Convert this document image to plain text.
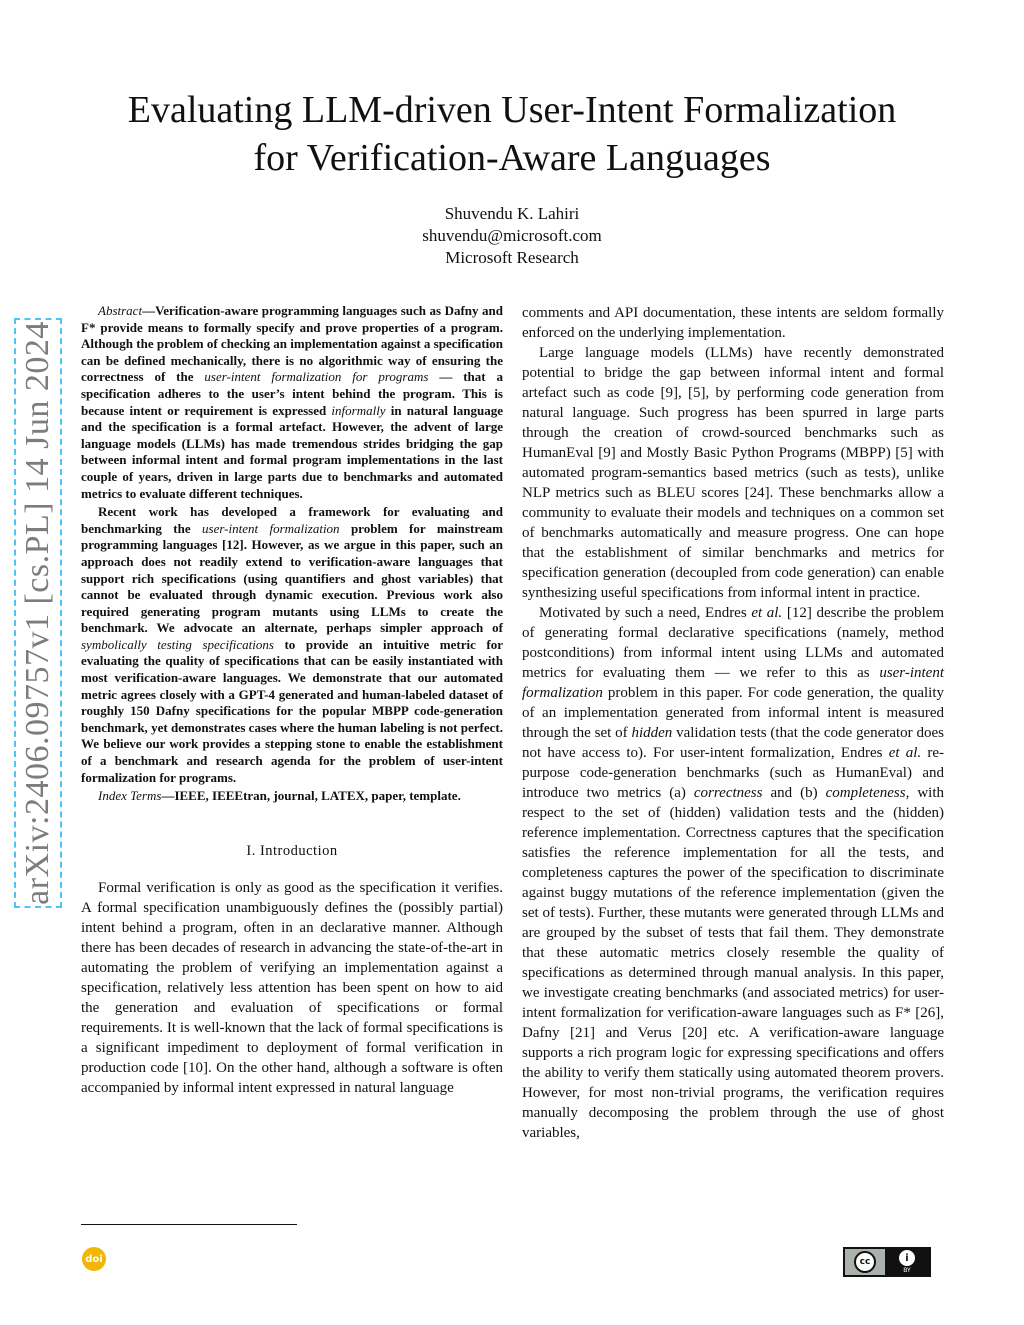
arXiv:2406.09757v1 [cs.PL] 14 Jun 2024
Evaluating LLM-driven User-Intent Formalization
for Verification-Aware Languages
Shuvendu K. Lahiri
shuvendu@microsoft.com
Microsoft Research

Abstract—Verification-aware programming languages such as Dafny and F* provide means to formally specify and prove properties of a program. Although the problem of checking an implementation against a specification can be defined mechanically, there is no algorithmic way of ensuring the correctness of the user-intent formalization for programs — that a specification adheres to the user’s intent behind the program. This is because intent or requirement is expressed informally in natural language and the specification is a formal artefact. However, the advent of large language models (LLMs) has made tremendous strides bridging the gap between informal intent and formal program implementations in the last couple of years, driven in large parts due to benchmarks and automated metrics to evaluate different techniques.

Recent work has developed a framework for evaluating and benchmarking the user-intent formalization problem for mainstream programming languages [12]. However, as we argue in this paper, such an approach does not readily extend to verification-aware languages that support rich specifications (using quantifiers and ghost variables) that cannot be evaluated through dynamic execution. Previous work also required generating program mutants using LLMs to create the benchmark. We advocate an alternate, perhaps simpler approach of symbolically testing specifications to provide an intuitive metric for evaluating the quality of specifications that can be easily instantiated with most verification-aware languages. We demonstrate that our automated metric agrees closely with a GPT-4 generated and human-labeled dataset of roughly 150 Dafny specifications for the popular MBPP code-generation benchmark, yet demonstrates cases where the human labeling is not perfect. We believe our work provides a stepping stone to enable the establishment of a benchmark and research agenda for the problem of user-intent formalization for programs.

Index Terms—IEEE, IEEEtran, journal, LATEX, paper, template.

I. Introduction

Formal verification is only as good as the specification it verifies. A formal specification unambiguously defines the (possibly partial) intent behind a program, often in an declarative manner. Although there has been decades of research in advancing the state-of-the-art in automating the problem of verifying an implementation against a specification, relatively less attention has been spent on how to aid the generation and evaluation of specifications or formal requirements. It is well-known that the lack of formal specifications is a significant impediment to deployment of formal verification in production code [10]. On the other hand, although a software is often accompanied by informal intent expressed in natural language

comments and API documentation, these intents are seldom formally enforced on the underlying implementation.

Large language models (LLMs) have recently demonstrated potential to bridge the gap between informal intent and formal artefact such as code [9], [5], by performing code generation from natural language. Such progress has been spurred in large parts through the creation of crowd-sourced benchmarks such as HumanEval [9] and Mostly Basic Python Programs (MBPP) [5] with automated program-semantics based metrics (such as tests), unlike NLP metrics such as BLEU scores [24]. These benchmarks allow a community to evaluate their models and techniques on a common set of benchmarks automatically and measure progress. One can hope that the establishment of similar benchmarks and metrics for specification generation (decoupled from code generation) can enable synthesizing useful specifications from informal intent in practice.

Motivated by such a need, Endres et al. [12] describe the problem of generating formal declarative specifications (namely, method postconditions) from informal intent using LLMs and automated metrics for evaluating them — we refer to this as user-intent formalization problem in this paper. For code generation, the quality of an implementation generated from informal intent is measured through the set of hidden validation tests (that the code generator does not have access to). For user-intent formalization, Endres et al. re-purpose code-generation benchmarks (such as HumanEval) and introduce two metrics (a) correctness and (b) completeness, with respect to the set of (hidden) validation tests and the (hidden) reference implementation. Correctness captures that the specification satisfies the reference implementation for all the tests, and completeness captures the power of the specification to discriminate against buggy mutations of the reference implementation (given the set of tests). Further, these mutants were generated through LLMs and are grouped by the subset of tests that fail them. They demonstrate that these automatic metrics closely resemble the quality of specifications as determined through manual analysis. In this paper, we investigate creating benchmarks (and associated metrics) for user-intent formalization for verification-aware languages such as F* [26], Dafny [21] and Verus [20] etc. A verification-aware language supports a rich program logic for expressing specifications and offers the ability to verify them statically using automated theorem provers. However, for most non-trivial programs, the verification requires manually decomposing the problem through the use of ghost variables,

doi	cc	i
BY
